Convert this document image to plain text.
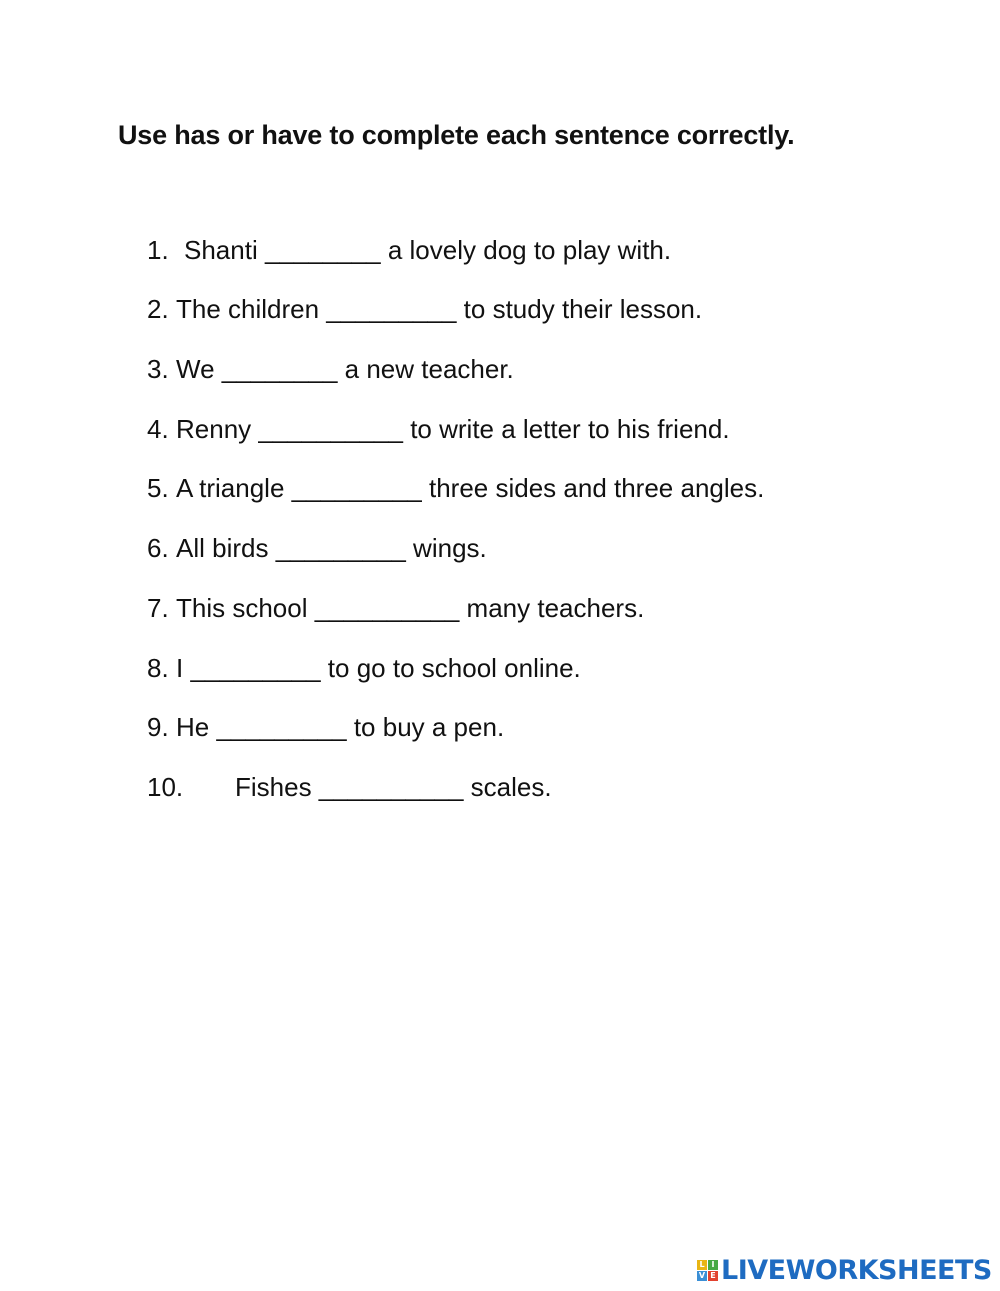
Use has or have to complete each sentence correctly.
1. Shanti ________ a lovely dog to play with.
2. The children _________ to study their lesson.
3. We ________ a new teacher.
4. Renny __________ to write a letter to his friend.
5. A triangle _________ three sides and three angles.
6. All birds _________ wings.
7. This school __________ many teachers.
8. I _________ to go to school online.
9. He _________ to buy a pen.
10. Fishes __________ scales.
L I
V E LIVEWORKSHEETS
